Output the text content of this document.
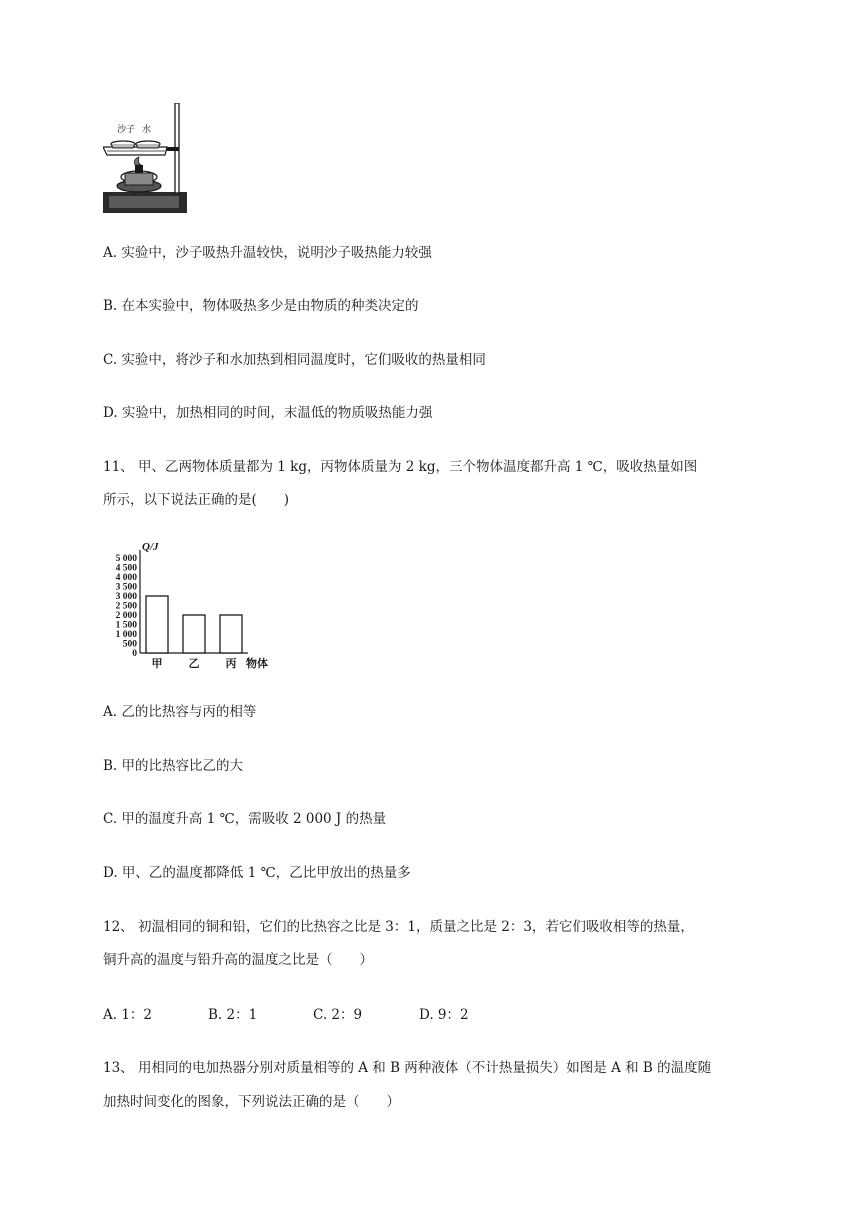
沙子 水
A. 实验中，沙子吸热升温较快，说明沙子吸热能力较强
B. 在本实验中，物体吸热多少是由物质的种类决定的
C. 实验中，将沙子和水加热到相同温度时，它们吸收的热量相同
D. 实验中，加热相同的时间，末温低的物质吸热能力强
11、 甲、乙两物体质量都为 1 kg，丙物体质量为 2 kg，三个物体温度都升高 1 ℃，吸收热量如图
所示，以下说法正确的是(　　)
0
500
1 000
1 500
2 000
2 500
3 000
3 500
4 000
4 500
5 000
Q/J
物体
甲 乙 丙
A. 乙的比热容与丙的相等
B. 甲的比热容比乙的大
C. 甲的温度升高 1 ℃，需吸收 2 000 J 的热量
D. 甲、乙的温度都降低 1 ℃，乙比甲放出的热量多
12、 初温相同的铜和铅，它们的比热容之比是 3：1，质量之比是 2：3，若它们吸收相等的热量，
铜升高的温度与铅升高的温度之比是（　　）
A. 1：2	B. 2：1	C. 2：9	D. 9：2
13、 用相同的电加热器分别对质量相等的 A 和 B 两种液体（不计热量损失）如图是 A 和 B 的温度随
加热时间变化的图象，下列说法正确的是（　　）
